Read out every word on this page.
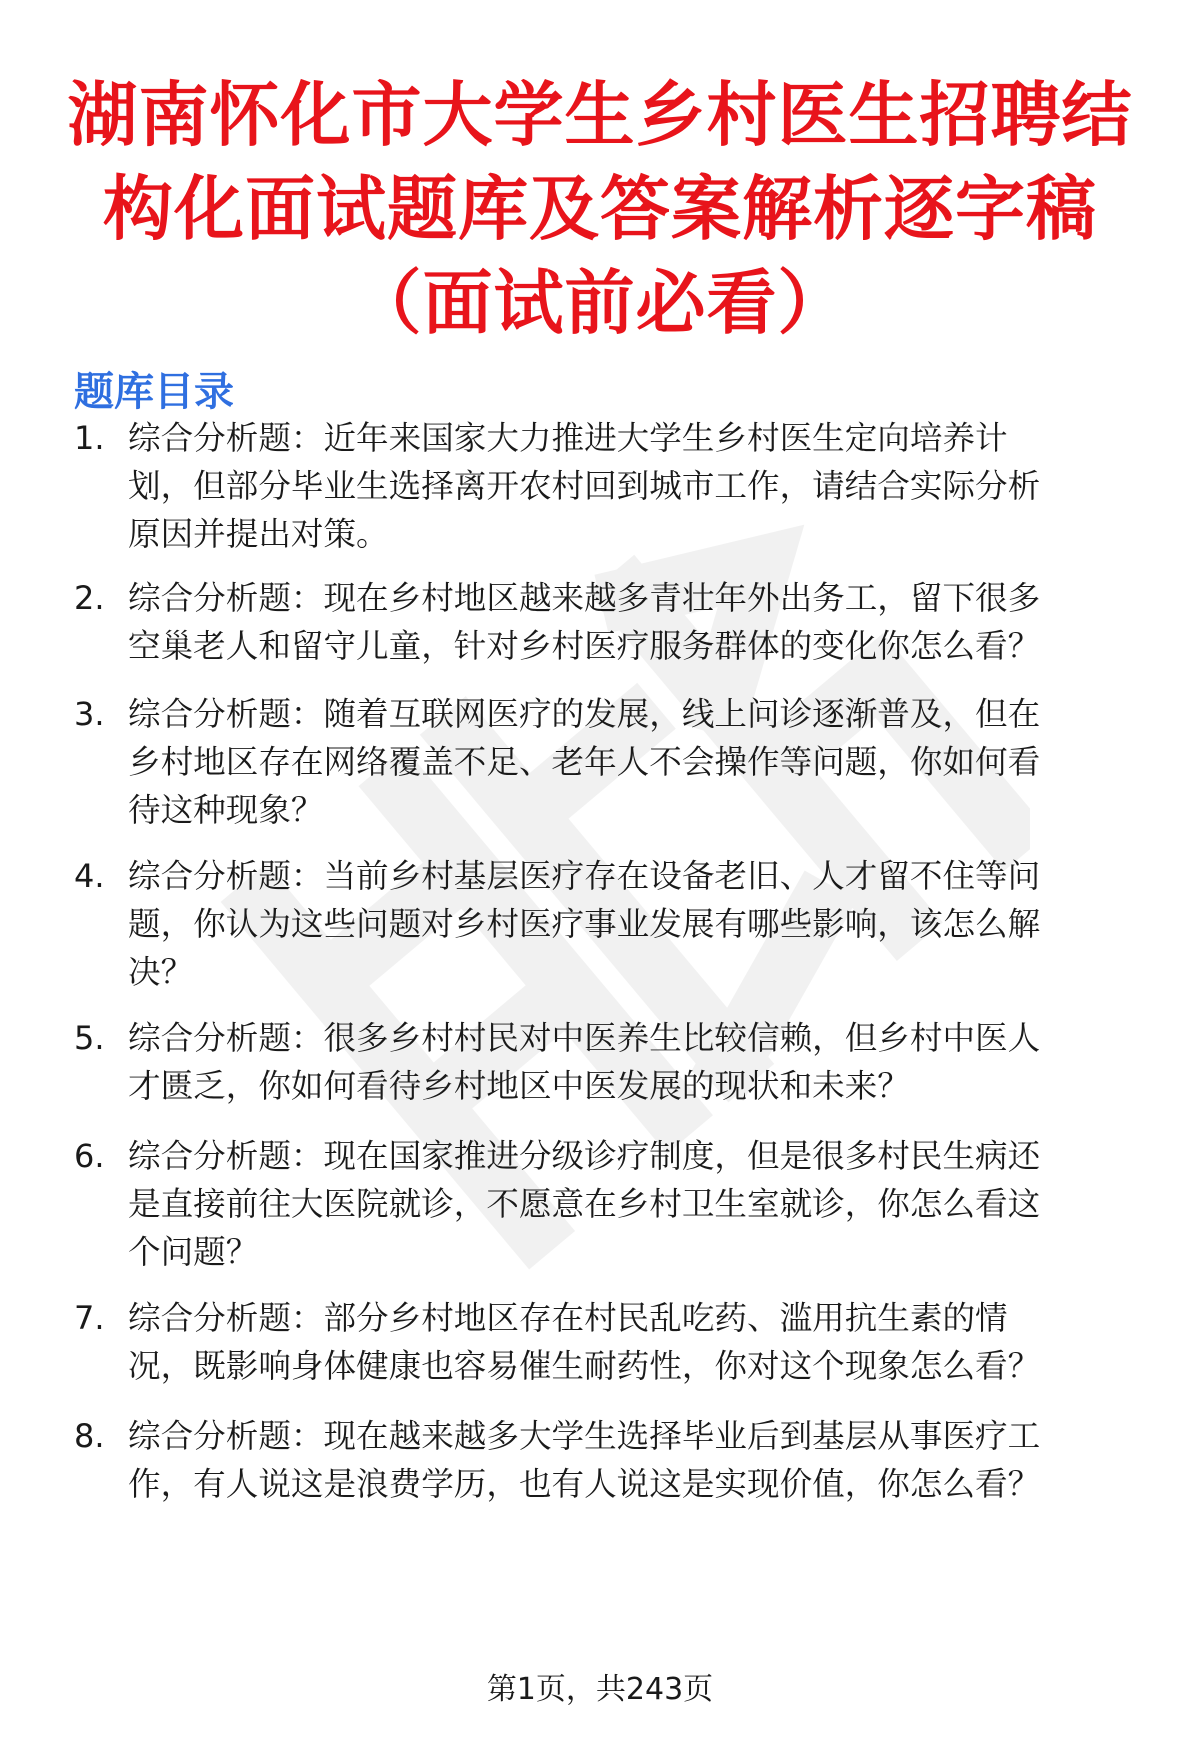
湖南怀化市大学生乡村医生招聘结
构化面试题库及答案解析逐字稿
（面试前必看）
题库目录
1. 综合分析题：近年来国家大力推进大学生乡村医生定向培养计
划，但部分毕业生选择离开农村回到城市工作，请结合实际分析
原因并提出对策。
2. 综合分析题：现在乡村地区越来越多青壮年外出务工，留下很多
空巢老人和留守儿童，针对乡村医疗服务群体的变化你怎么看？
3. 综合分析题：随着互联网医疗的发展，线上问诊逐渐普及，但在
乡村地区存在网络覆盖不足、老年人不会操作等问题，你如何看
待这种现象？
4. 综合分析题：当前乡村基层医疗存在设备老旧、人才留不住等问
题，你认为这些问题对乡村医疗事业发展有哪些影响，该怎么解
决？
5. 综合分析题：很多乡村村民对中医养生比较信赖，但乡村中医人
才匮乏，你如何看待乡村地区中医发展的现状和未来？
6. 综合分析题：现在国家推进分级诊疗制度，但是很多村民生病还
是直接前往大医院就诊，不愿意在乡村卫生室就诊，你怎么看这
个问题？
7. 综合分析题：部分乡村地区存在村民乱吃药、滥用抗生素的情
况，既影响身体健康也容易催生耐药性，你对这个现象怎么看？
8. 综合分析题：现在越来越多大学生选择毕业后到基层从事医疗工
作，有人说这是浪费学历，也有人说这是实现价值，你怎么看？
第1页，共243页
